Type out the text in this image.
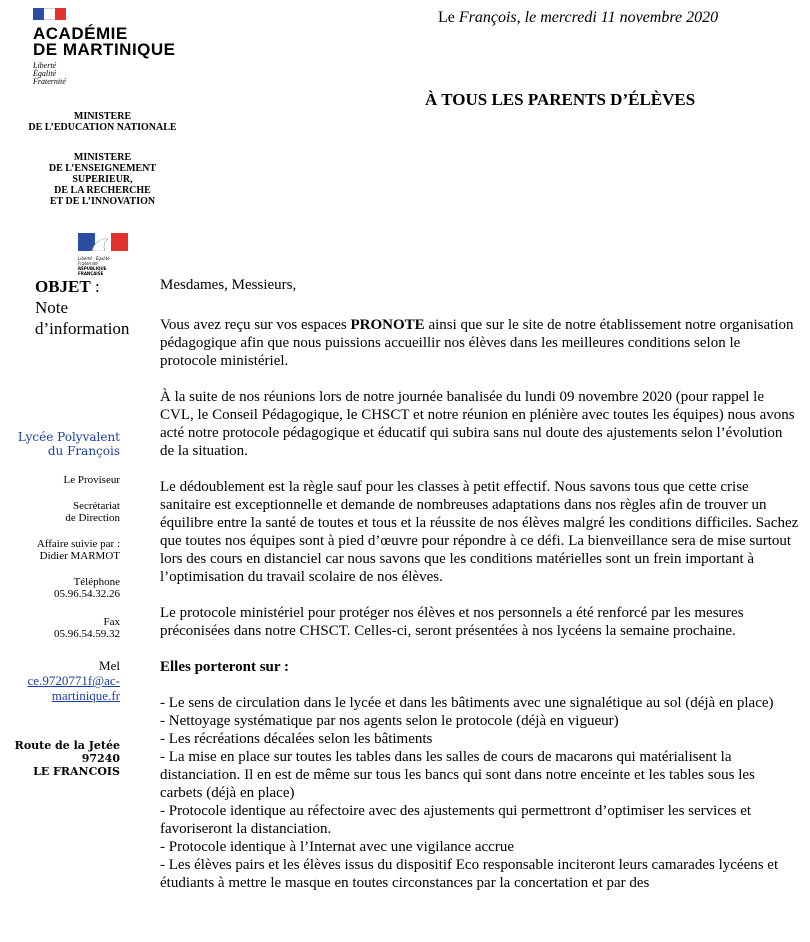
ACADÉMIE
DE MARTINIQUE
Liberté
Égalité
Fraternité
Le François, le mercredi 11 novembre 2020
À TOUS LES PARENTS D’ÉLÈVES
MINISTERE
DE L’EDUCATION NATIONALE
MINISTERE
DE L’ENSEIGNEMENT
SUPERIEUR,
DE LA RECHERCHE
ET DE L’INNOVATION
Liberté · Égalité · Fraternité
RÉPUBLIQUE FRANÇAISE
OBJET :
Note
d’information
Lycée Polyvalent
du François
Le Proviseur
Secrétariat
de Direction
Affaire suivie par :
Didier MARMOT
Téléphone
05.96.54.32.26
Fax
05.96.54.59.32
Mel
ce.9720771f@ac-
martinique.fr
Route de la Jetée
97240
LE FRANCOIS

Mesdames, Messieurs,

Vous avez reçu sur vos espaces PRONOTE ainsi que sur le site de notre établissement notre organisation pédagogique afin que nous puissions accueillir nos élèves dans les meilleures conditions selon le protocole ministériel.

À la suite de nos réunions lors de notre journée banalisée du lundi 09 novembre 2020 (pour rappel le CVL, le Conseil Pédagogique, le CHSCT et notre réunion en plénière avec toutes les équipes) nous avons acté notre protocole pédagogique et éducatif qui subira sans nul doute des ajustements selon l’évolution de la situation.

Le dédoublement est la règle sauf pour les classes à petit effectif. Nous savons tous que cette crise sanitaire est exceptionnelle et demande de nombreuses adaptations dans nos règles afin de trouver un équilibre entre la santé de toutes et tous et la réussite de nos élèves malgré les conditions difficiles. Sachez que toutes nos équipes sont à pied d’œuvre pour répondre à ce défi. La bienveillance sera de mise surtout lors des cours en distanciel car nous savons que les conditions matérielles sont un frein important à l’optimisation du travail scolaire de nos élèves.

Le protocole ministériel pour protéger nos élèves et nos personnels a été renforcé par les mesures préconisées dans notre CHSCT. Celles-ci, seront présentées à nos lycéens la semaine prochaine.

Elles porteront sur :

- Le sens de circulation dans le lycée et dans les bâtiments avec une signalétique au sol (déjà en place)

- Nettoyage systématique par nos agents selon le protocole (déjà en vigueur)

- Les récréations décalées selon les bâtiments

- La mise en place sur toutes les tables dans les salles de cours de macarons qui matérialisent la distanciation. Il en est de même sur tous les bancs qui sont dans notre enceinte et les tables sous les carbets (déjà en place)

- Protocole identique au réfectoire avec des ajustements qui permettront d’optimiser les services et favoriseront la distanciation.

- Protocole identique à l’Internat avec une vigilance accrue

- Les élèves pairs et les élèves issus du dispositif Eco responsable inciteront leurs camarades lycéens et étudiants à mettre le masque en toutes circonstances par la concertation et par des
